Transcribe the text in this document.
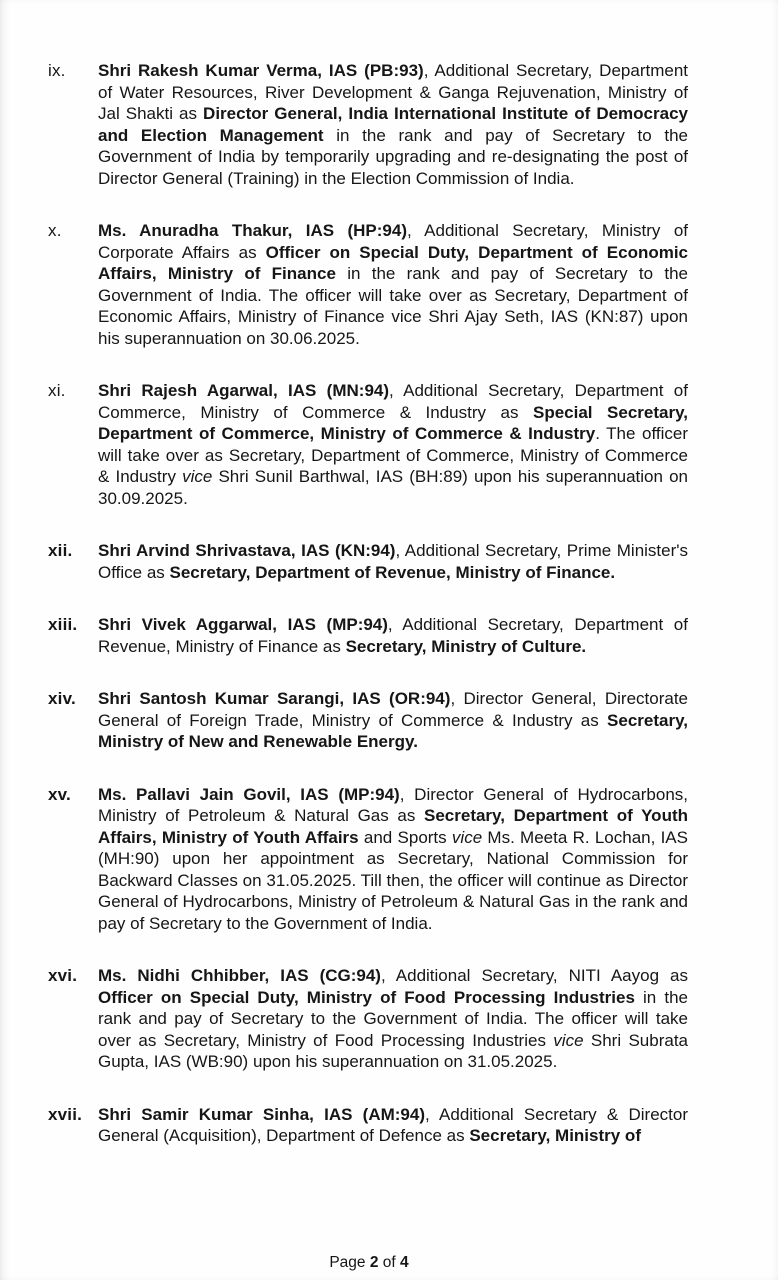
ix.	Shri Rakesh Kumar Verma, IAS (PB:93), Additional Secretary, Department of Water Resources, River Development & Ganga Rejuvenation, Ministry of Jal Shakti as Director General, India International Institute of Democracy and Election Management in the rank and pay of Secretary to the Government of India by temporarily upgrading and re-designating the post of Director General (Training) in the Election Commission of India.
x.	Ms. Anuradha Thakur, IAS (HP:94), Additional Secretary, Ministry of Corporate Affairs as Officer on Special Duty, Department of Economic Affairs, Ministry of Finance in the rank and pay of Secretary to the Government of India. The officer will take over as Secretary, Department of Economic Affairs, Ministry of Finance vice Shri Ajay Seth, IAS (KN:87) upon his superannuation on 30.06.2025.
xi.	Shri Rajesh Agarwal, IAS (MN:94), Additional Secretary, Department of Commerce, Ministry of Commerce & Industry as Special Secretary, Department of Commerce, Ministry of Commerce & Industry. The officer will take over as Secretary, Department of Commerce, Ministry of Commerce & Industry vice Shri Sunil Barthwal, IAS (BH:89) upon his superannuation on 30.09.2025.
xii.	Shri Arvind Shrivastava, IAS (KN:94), Additional Secretary, Prime Minister's Office as Secretary, Department of Revenue, Ministry of Finance.
xiii.	Shri Vivek Aggarwal, IAS (MP:94), Additional Secretary, Department of Revenue, Ministry of Finance as Secretary, Ministry of Culture.
xiv.	Shri Santosh Kumar Sarangi, IAS (OR:94), Director General, Directorate General of Foreign Trade, Ministry of Commerce & Industry as Secretary, Ministry of New and Renewable Energy.
xv.	Ms. Pallavi Jain Govil, IAS (MP:94), Director General of Hydrocarbons, Ministry of Petroleum & Natural Gas as Secretary, Department of Youth Affairs, Ministry of Youth Affairs and Sports vice Ms. Meeta R. Lochan, IAS (MH:90) upon her appointment as Secretary, National Commission for Backward Classes on 31.05.2025. Till then, the officer will continue as Director General of Hydrocarbons, Ministry of Petroleum & Natural Gas in the rank and pay of Secretary to the Government of India.
xvi.	Ms. Nidhi Chhibber, IAS (CG:94), Additional Secretary, NITI Aayog as Officer on Special Duty, Ministry of Food Processing Industries in the rank and pay of Secretary to the Government of India. The officer will take over as Secretary, Ministry of Food Processing Industries vice Shri Subrata Gupta, IAS (WB:90) upon his superannuation on 31.05.2025.
xvii. Shri Samir Kumar Sinha, IAS (AM:94), Additional Secretary & Director General (Acquisition), Department of Defence as Secretary, Ministry of
Page 2 of 4
